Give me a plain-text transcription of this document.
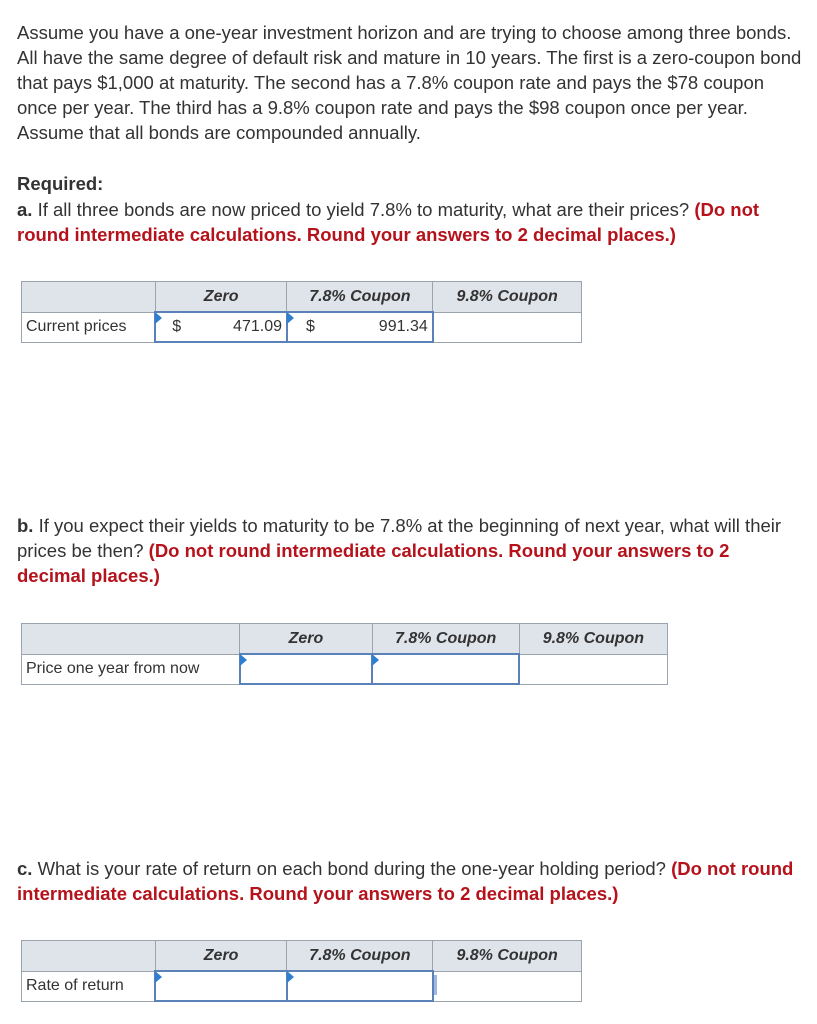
Assume you have a one-year investment horizon and are trying to choose among three bonds. All have the same degree of default risk and mature in 10 years. The first is a zero-coupon bond that pays $1,000 at maturity. The second has a 7.8% coupon rate and pays the $78 coupon once per year. The third has a 9.8% coupon rate and pays the $98 coupon once per year. Assume that all bonds are compounded annually.

Required:

a. If all three bonds are now priced to yield 7.8% to maturity, what are their prices? (Do not round intermediate calculations. Round your answers to 2 decimal places.)

	Zero	7.8% Coupon	9.8% Coupon
Current prices	$ 471.09	$ 991.34	

b. If you expect their yields to maturity to be 7.8% at the beginning of next year, what will their prices be then? (Do not round intermediate calculations. Round your answers to 2 decimal places.)

	Zero	7.8% Coupon	9.8% Coupon
Price one year from now	

c. What is your rate of return on each bond during the one-year holding period? (Do not round intermediate calculations. Round your answers to 2 decimal places.)

	Zero	7.8% Coupon	9.8% Coupon
Rate of return	
